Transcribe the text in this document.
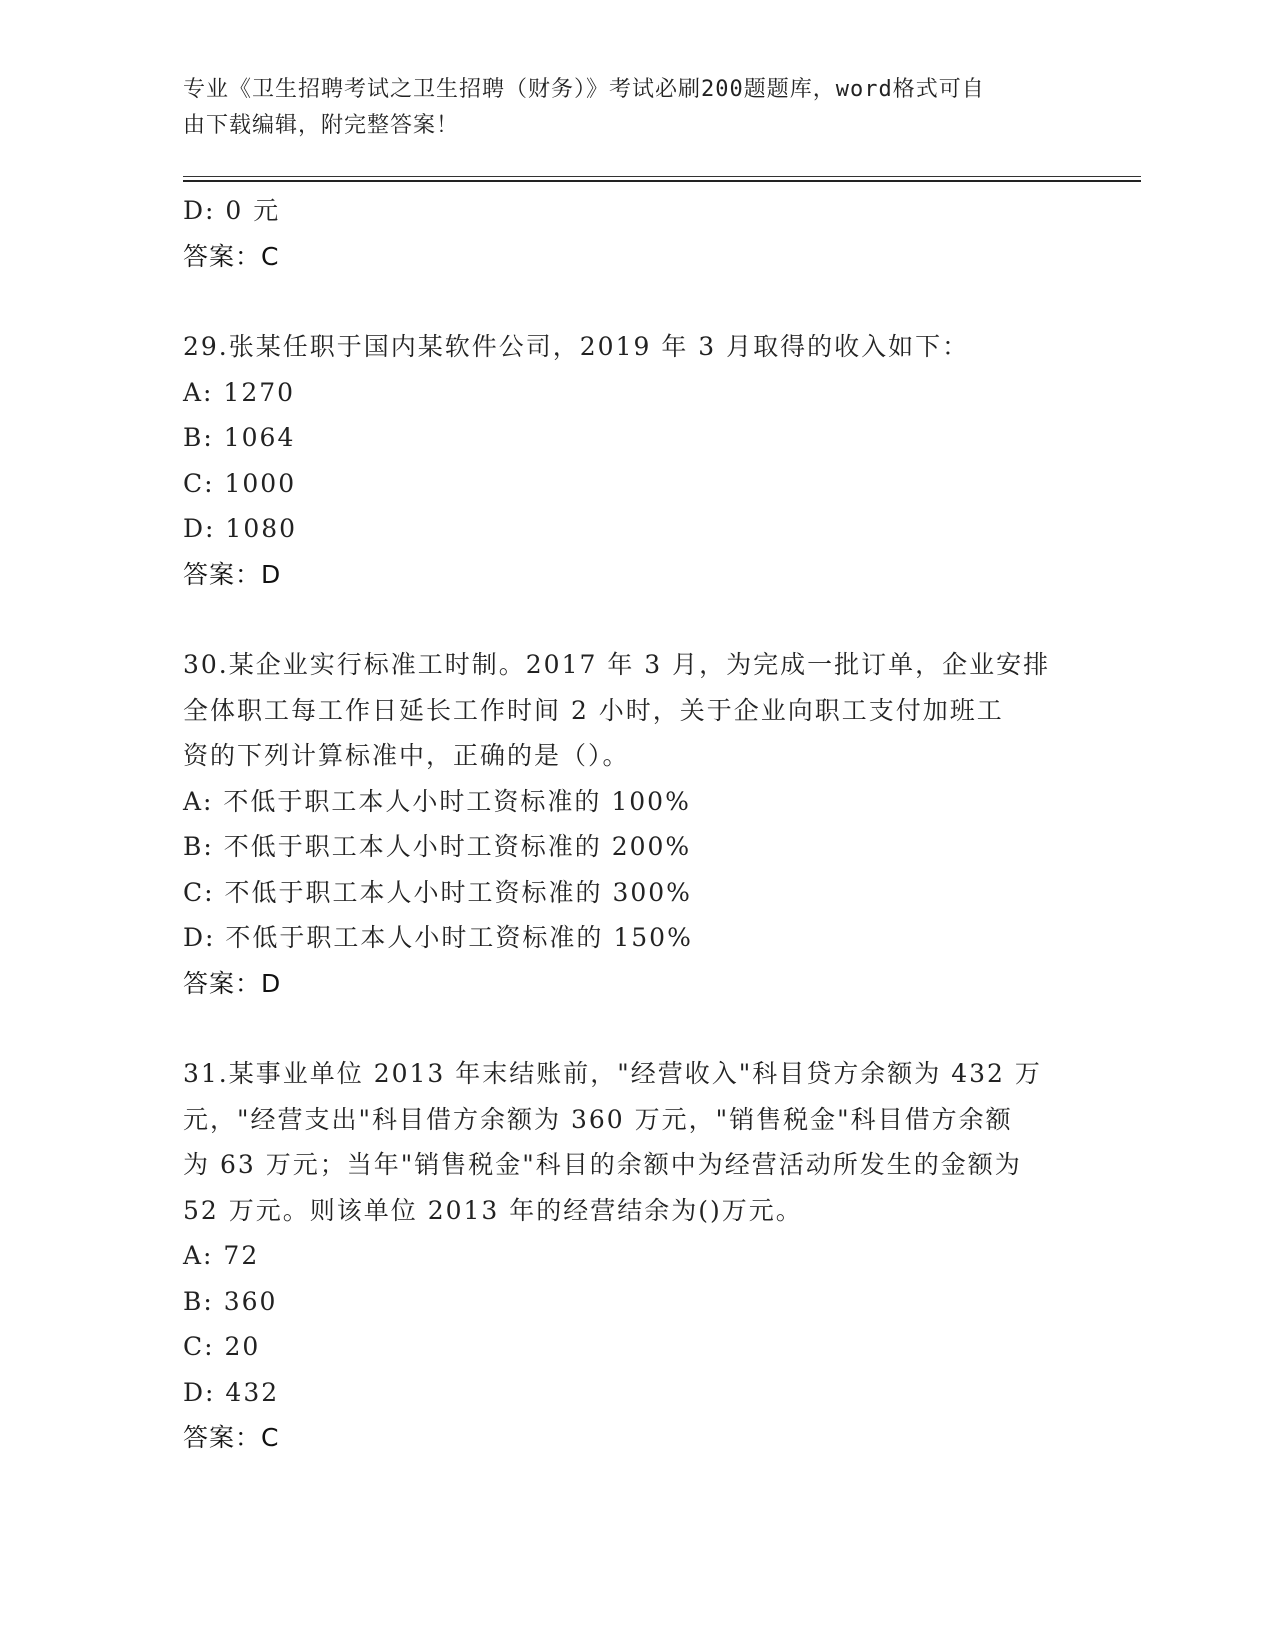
专业《卫生招聘考试之卫生招聘（财务）》考试必刷200题题库，word格式可自
由下载编辑，附完整答案！
D: 0 元
答案：C
29.张某任职于国内某软件公司，2019 年 3 月取得的收入如下：
A: 1270
B: 1064
C: 1000
D: 1080
答案：D
30.某企业实行标准工时制。2017 年 3 月，为完成一批订单，企业安排
全体职工每工作日延长工作时间 2 小时，关于企业向职工支付加班工
资的下列计算标准中，正确的是（）。
A: 不低于职工本人小时工资标准的 100%
B: 不低于职工本人小时工资标准的 200%
C: 不低于职工本人小时工资标准的 300%
D: 不低于职工本人小时工资标准的 150%
答案：D
31.某事业单位 2013 年末结账前，"经营收入"科目贷方余额为 432 万
元，"经营支出"科目借方余额为 360 万元，"销售税金"科目借方余额
为 63 万元；当年"销售税金"科目的余额中为经营活动所发生的金额为
52 万元。则该单位 2013 年的经营结余为()万元。
A: 72
B: 360
C: 20
D: 432
答案：C
